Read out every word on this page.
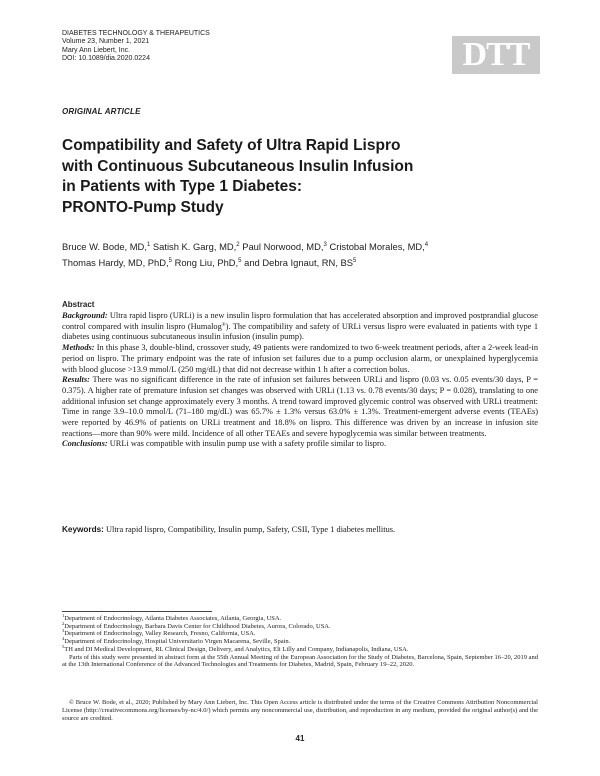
DIABETES TECHNOLOGY & THERAPEUTICS
Volume 23, Number 1, 2021
Mary Ann Liebert, Inc.
DOI: 10.1089/dia.2020.0224	DTT
ORIGINAL ARTICLE
Compatibility and Safety of Ultra Rapid Lispro
with Continuous Subcutaneous Insulin Infusion
in Patients with Type 1 Diabetes:
PRONTO-Pump Study
Bruce W. Bode, MD,$^1$ Satish K. Garg, MD,$^2$ Paul Norwood, MD,$^3$ Cristobal Morales, MD,$^4$
Thomas Hardy, MD, PhD,$^5$ Rong Liu, PhD,$^5$ and Debra Ignaut, RN, $BS^5$
Abstract

Background: Ultra rapid lispro (URLi) is a new insulin lispro formulation that has accelerated absorption and improved postprandial glucose control compared with insulin lispro (Humalog®). The compatibility and safety of URLi versus lispro were evaluated in patients with type 1 diabetes using continuous subcutaneous insulin infusion (insulin pump).

Methods: In this phase 3, double-blind, crossover study, 49 patients were randomized to two 6-week treatment periods, after a 2-week lead-in period on lispro. The primary endpoint was the rate of infusion set failures due to a pump occlusion alarm, or unexplained hyperglycemia with blood glucose >13.9 mmol/L (250 mg/dL) that did not decrease within 1 h after a correction bolus.

Results: There was no significant difference in the rate of infusion set failures between URLi and lispro (0.03 vs. 0.05 events/30 days, P = 0.375). A higher rate of premature infusion set changes was observed with URLi (1.13 vs. 0.78 events/30 days; P = 0.028), translating to one additional infusion set change approximately every 3 months. A trend toward improved glycemic control was observed with URLi treatment: Time in range 3.9–10.0 mmol/L (71–180 mg/dL) was 65.7% ± 1.3% versus 63.0% ± 1.3%. Treatment-emergent adverse events (TEAEs) were reported by 46.9% of patients on URLi treatment and 18.8% on lispro. This difference was driven by an increase in infusion site reactions—more than 90% were mild. Incidence of all other TEAEs and severe hypoglycemia was similar between treatments.

Conclusions: URLi was compatible with insulin pump use with a safety profile similar to lispro.

Keywords: Ultra rapid lispro, Compatibility, Insulin pump, Safety, CSII, Type 1 diabetes mellitus.
$^1$Department of Endocrinology, Atlanta Diabetes Associates, Atlanta, Georgia, USA.
$^2$Department of Endocrinology, Barbara Davis Center for Childhood Diabetes, Aurora, Colorado, USA.
$^3$Department of Endocrinology, Valley Research, Fresno, California, USA.
$^4$Department of Endocrinology, Hospital Universitario Virgen Macarena, Seville, Spain.
$^5$TH and DI Medical Development, RL Clinical Design, Delivery, and Analytics, Eli Lilly and Company, Indianapolis, Indiana, USA.
Parts of this study were presented in abstract form at the 55th Annual Meeting of the European Association for the Study of Diabetes, Barcelona, Spain, September 16–20, 2019 and at the 13th International Conference of the Advanced Technologies and Treatments for Diabetes, Madrid, Spain, February 19–22, 2020.
© Bruce W. Bode, et al., 2020; Published by Mary Ann Liebert, Inc. This Open Access article is distributed under the terms of the Creative Commons Attribution Noncommercial License (http://creativecommons.org/licenses/by-nc/4.0/) which permits any noncommercial use, distribution, and reproduction in any medium, provided the original author(s) and the source are credited.
41
